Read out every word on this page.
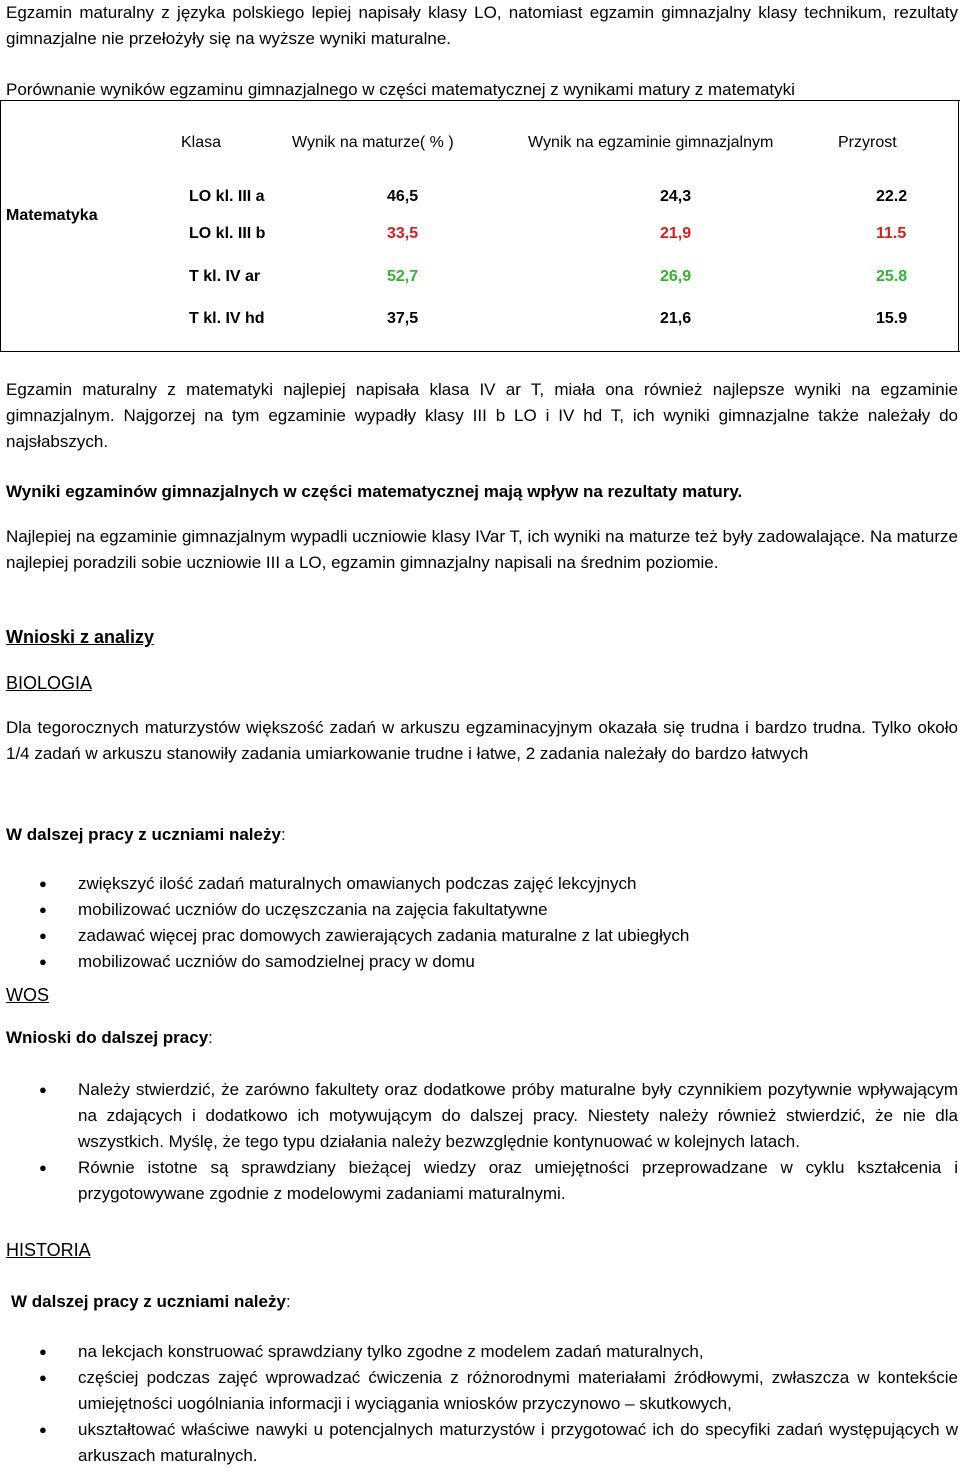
Egzamin maturalny z języka polskiego lepiej napisały klasy LO, natomiast egzamin gimnazjalny klasy technikum, rezultaty gimnazjalne nie przełożyły się na wyższe wyniki maturalne.
Porównanie wyników egzaminu gimnazjalnego w części matematycznej z wynikami matury z matematyki
Klasa	Wynik na maturze( % )	Wynik na egzaminie gimnazjalnym	Przyrost
Matematyka
LO kl. III a	46,5	24,3	22.2
LO kl. III b	33,5	21,9	11.5
T kl. IV ar	52,7	26,9	25.8
T kl. IV hd	37,5	21,6	15.9
Egzamin maturalny z matematyki najlepiej napisała klasa IV ar T, miała ona również najlepsze wyniki na egzaminie gimnazjalnym. Najgorzej na tym egzaminie wypadły klasy III b LO i IV hd T, ich wyniki gimnazjalne także należały do najsłabszych.
Wyniki egzaminów gimnazjalnych w części matematycznej mają wpływ na rezultaty matury.
Najlepiej na egzaminie gimnazjalnym wypadli uczniowie klasy IVar T, ich wyniki na maturze też były zadowalające. Na maturze najlepiej poradzili sobie uczniowie III a LO, egzamin gimnazjalny napisali na średnim poziomie.
Wnioski z analizy
BIOLOGIA
Dla tegorocznych maturzystów większość zadań w arkuszu egzaminacyjnym okazała się trudna i bardzo trudna. Tylko około 1/4 zadań w arkuszu stanowiły zadania umiarkowanie trudne i łatwe, 2 zadania należały do bardzo łatwych
W dalszej pracy z uczniami należy:
● zwiększyć ilość zadań maturalnych omawianych podczas zajęć lekcyjnych
● mobilizować uczniów do uczęszczania na zajęcia fakultatywne
● zadawać więcej prac domowych zawierających zadania maturalne z lat ubiegłych
● mobilizować uczniów do samodzielnej pracy w domu
WOS
Wnioski do dalszej pracy:
● Należy stwierdzić, że zarówno fakultety oraz dodatkowe próby maturalne były czynnikiem pozytywnie wpływającym na zdających i dodatkowo ich motywującym do dalszej pracy. Niestety należy również stwierdzić, że nie dla wszystkich. Myślę, że tego typu działania należy bezwzględnie kontynuować w kolejnych latach.
● Równie istotne są sprawdziany bieżącej wiedzy oraz umiejętności przeprowadzane w cyklu kształcenia i przygotowywane zgodnie z modelowymi zadaniami maturalnymi.
HISTORIA
W dalszej pracy z uczniami należy:
● na lekcjach konstruować sprawdziany tylko zgodne z modelem zadań maturalnych,
● częściej podczas zajęć wprowadzać ćwiczenia z różnorodnymi materiałami źródłowymi, zwłaszcza w kontekście umiejętności uogólniania informacji i wyciągania wniosków przyczynowo – skutkowych,
● ukształtować właściwe nawyki u potencjalnych maturzystów i przygotować ich do specyfiki zadań występujących w arkuszach maturalnych.
